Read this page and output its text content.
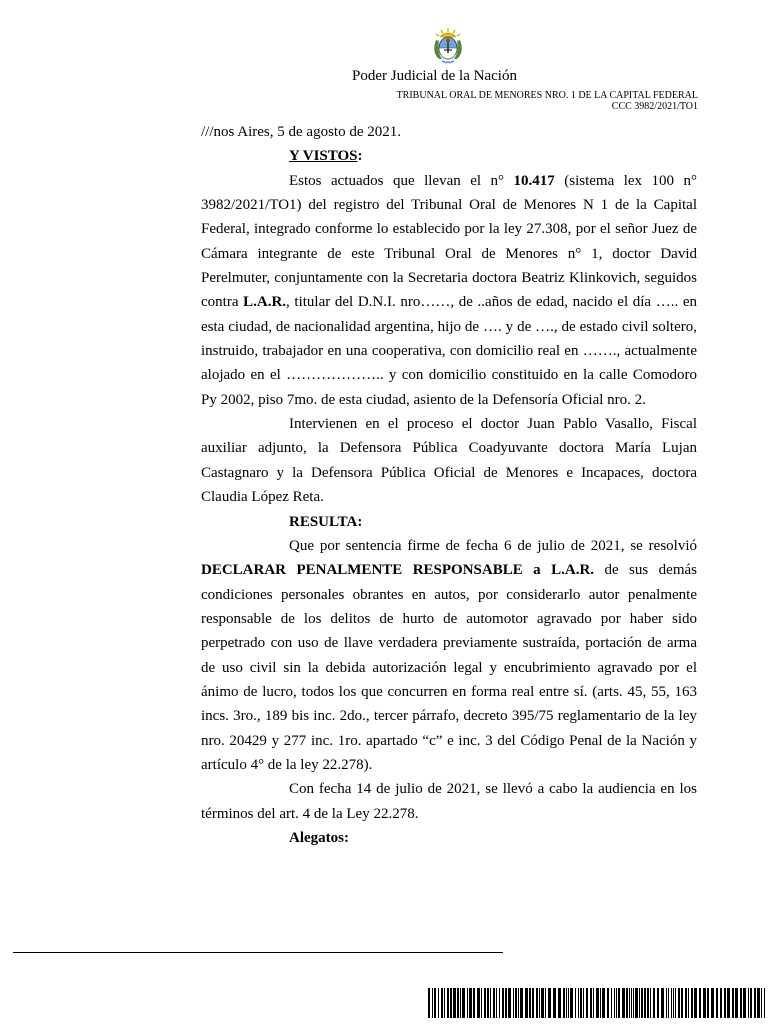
Poder Judicial de la Nación
TRIBUNAL ORAL DE MENORES NRO. 1 DE LA CAPITAL FEDERAL
CCC 3982/2021/TO1

///nos Aires, 5 de agosto de 2021.

Y VISTOS:

Estos actuados que llevan el n° 10.417 (sistema lex 100 n° 3982/2021/TO1) del registro del Tribunal Oral de Menores N 1 de la Capital Federal, integrado conforme lo establecido por la ley 27.308, por el señor Juez de Cámara integrante de este Tribunal Oral de Menores n° 1, doctor David Perelmuter, conjuntamente con la Secretaria doctora Beatriz Klinkovich, seguidos contra L.A.R., titular del D.N.I. nro……, de ..años de edad, nacido el día ….. en esta ciudad, de nacionalidad argentina, hijo de …. y de …., de estado civil soltero, instruido, trabajador en una cooperativa, con domicilio real en ……., actualmente alojado en el ……………….. y con domicilio constituido en la calle Comodoro Py 2002, piso 7mo. de esta ciudad, asiento de la Defensoría Oficial nro. 2.

Intervienen en el proceso el doctor Juan Pablo Vasallo, Fiscal auxiliar adjunto, la Defensora Pública Coadyuvante doctora María Lujan Castagnaro y la Defensora Pública Oficial de Menores e Incapaces, doctora Claudia López Reta.

RESULTA:

Que por sentencia firme de fecha 6 de julio de 2021, se resolvió DECLARAR PENALMENTE RESPONSABLE a L.A.R. de sus demás condiciones personales obrantes en autos, por considerarlo autor penalmente responsable de los delitos de hurto de automotor agravado por haber sido perpetrado con uso de llave verdadera previamente sustraída, portación de arma de uso civil sin la debida autorización legal y encubrimiento agravado por el ánimo de lucro, todos los que concurren en forma real entre sí. (arts. 45, 55, 163 incs. 3ro., 189 bis inc. 2do., tercer párrafo, decreto 395/75 reglamentario de la ley nro. 20429 y 277 inc. 1ro. apartado “c” e inc. 3 del Código Penal de la Nación y artículo 4° de la ley 22.278).

Con fecha 14 de julio de 2021, se llevó a cabo la audiencia en los términos del art. 4 de la Ley 22.278.

Alegatos:
